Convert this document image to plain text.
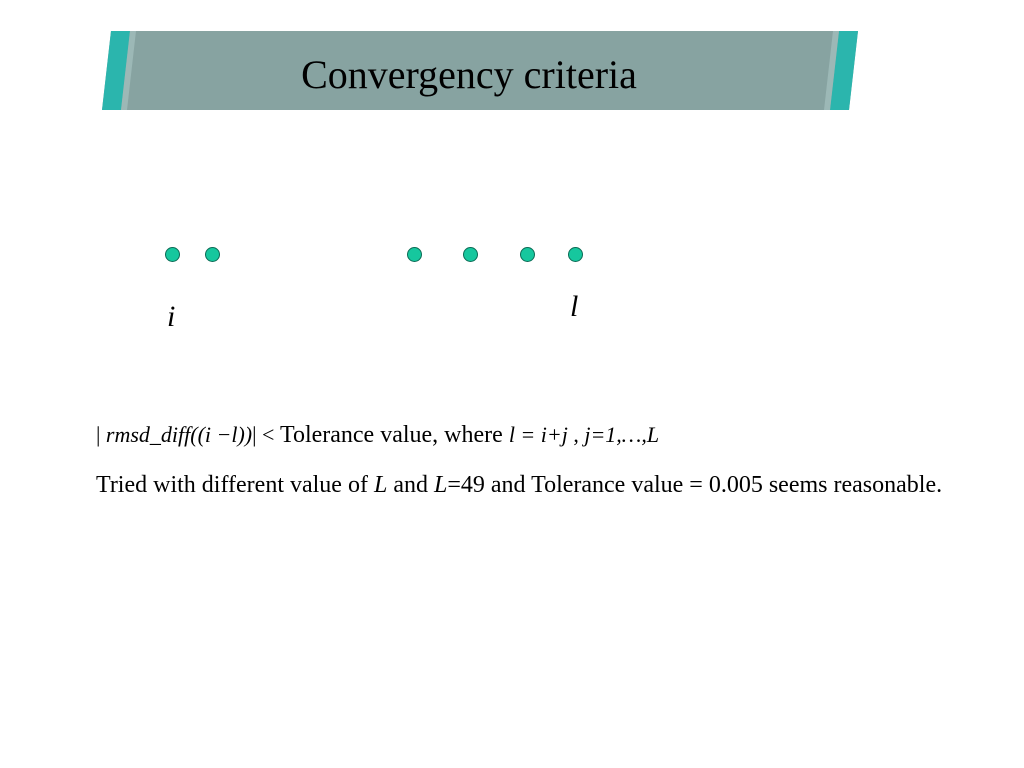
Convergency criteria
i	l
| rmsd_diff((i −l))| < Tolerance value, where l = i+j , j=1,…,L
Tried with different value of L and L=49 and Tolerance value = 0.005 seems reasonable.
